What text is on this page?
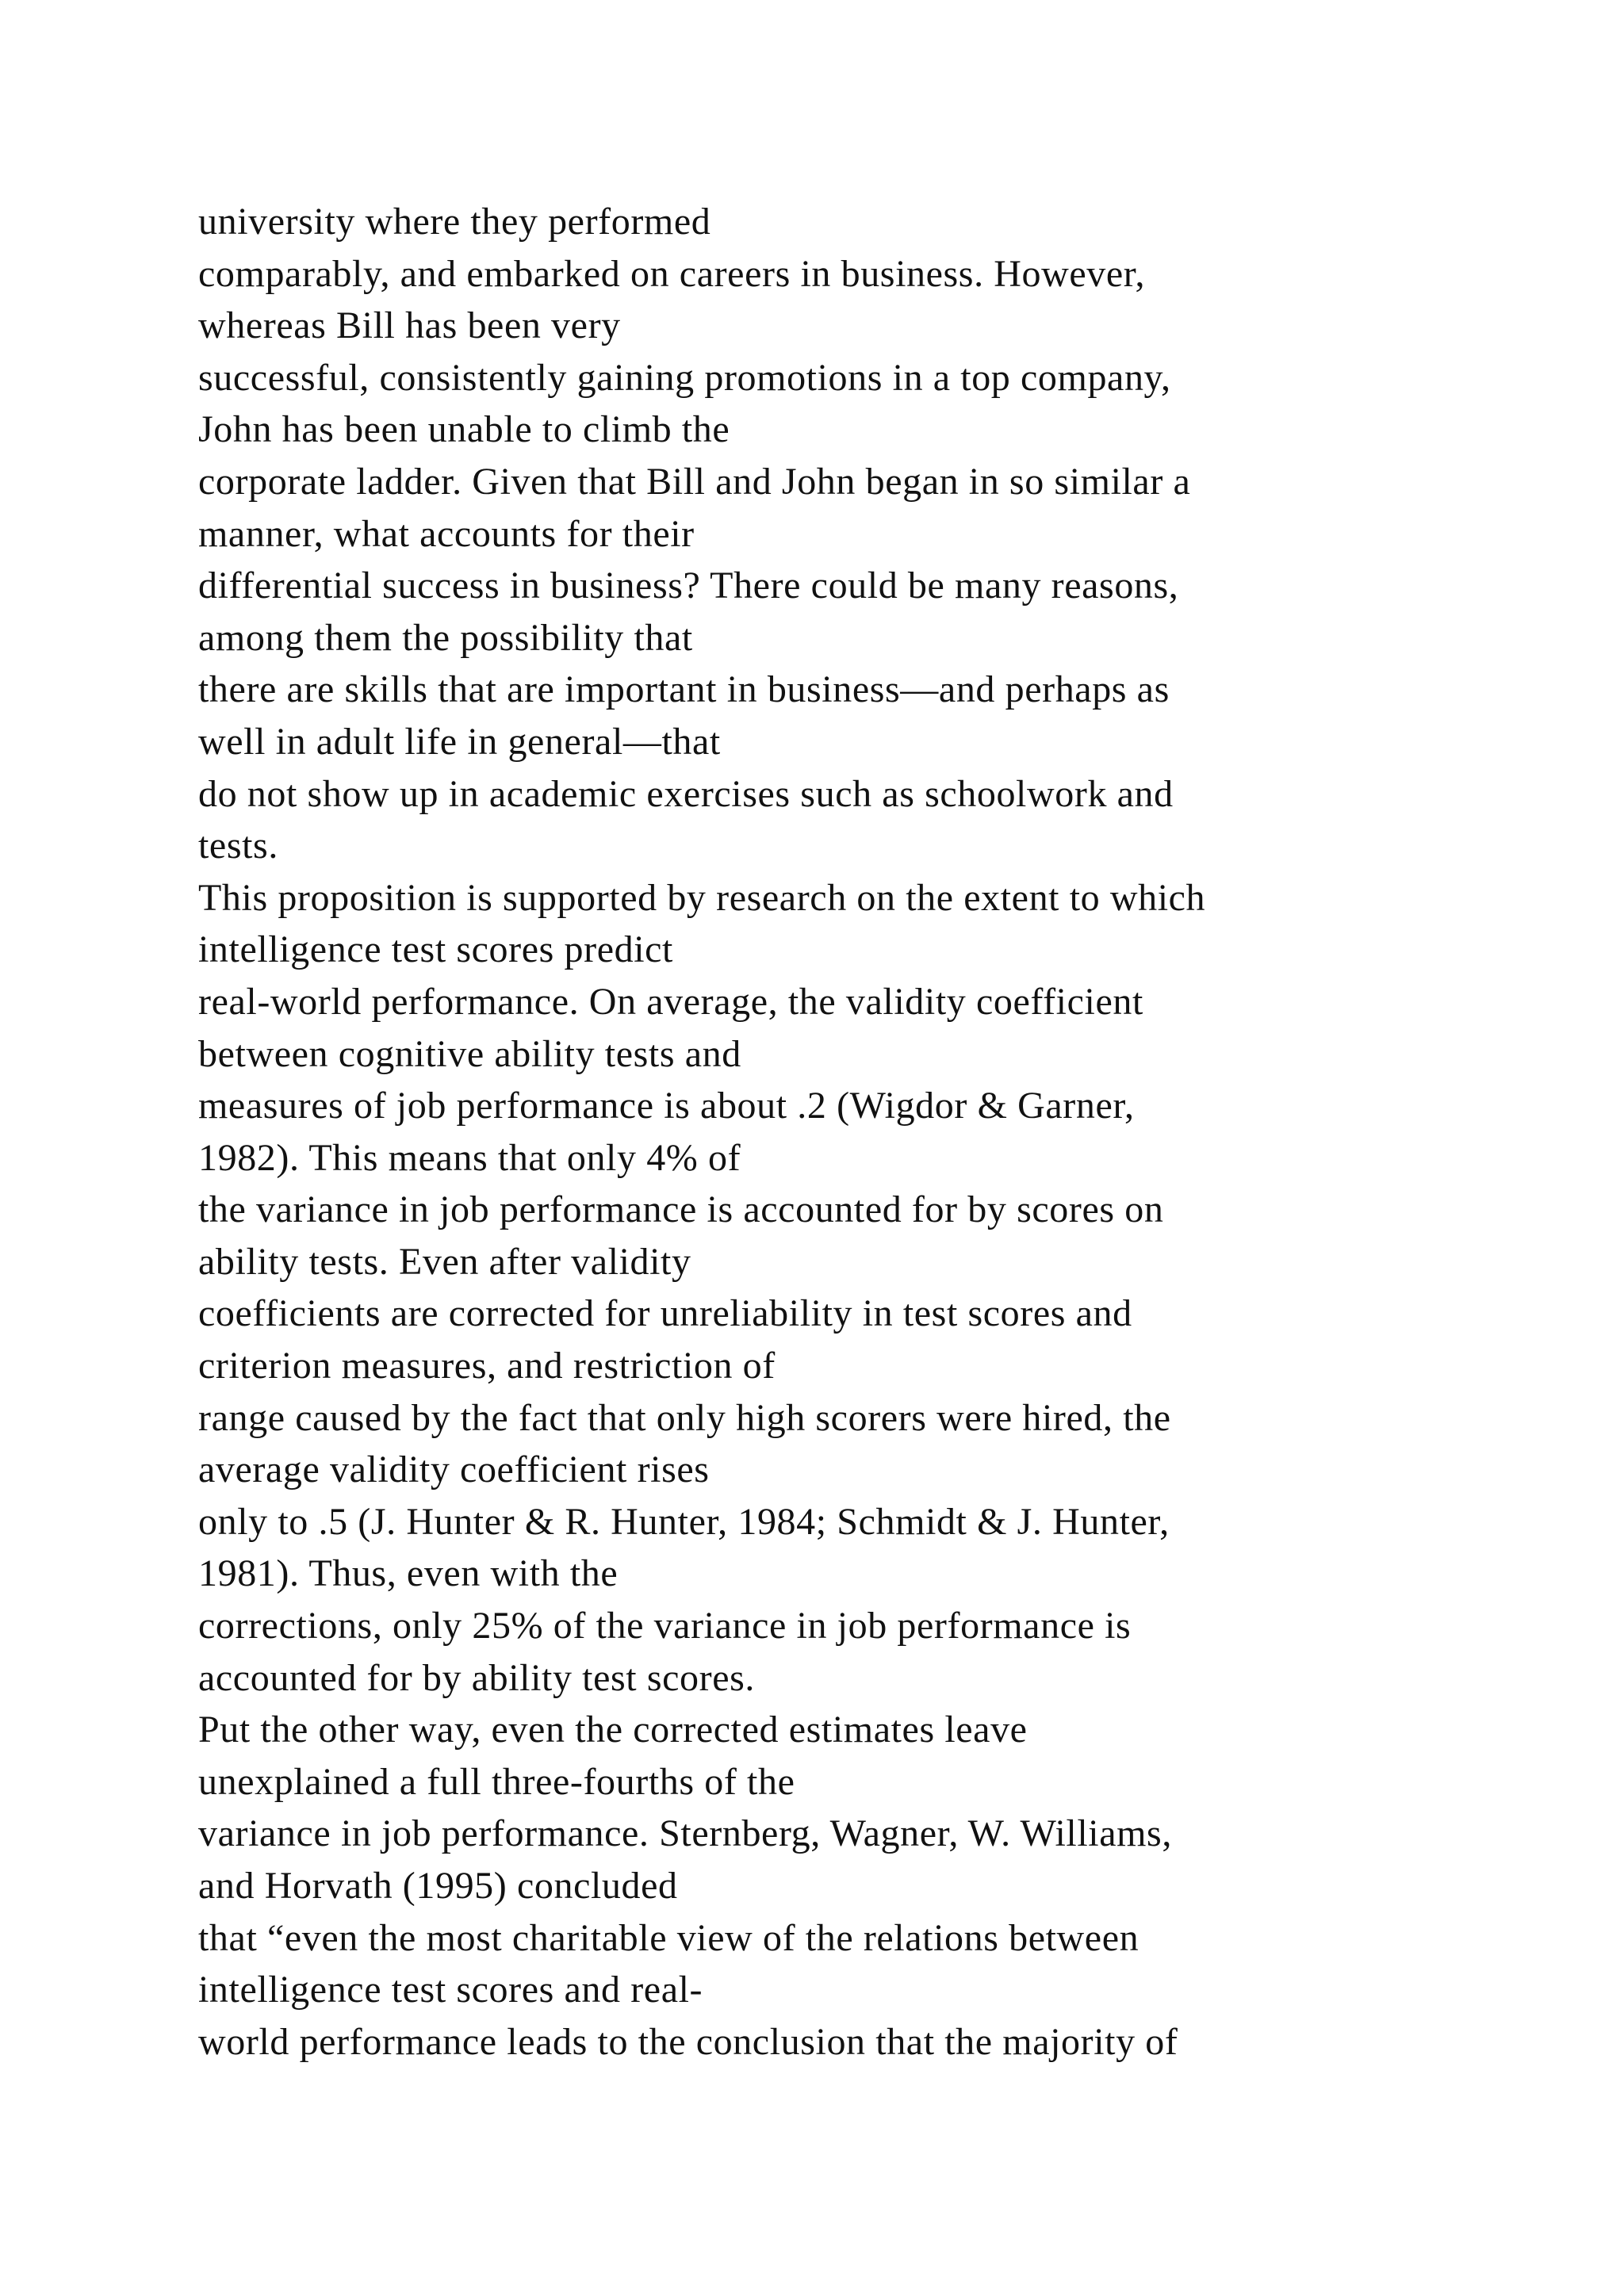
university where they performed
comparably, and embarked on careers in business. However,
whereas Bill has been very
successful, consistently gaining promotions in a top company,
John has been unable to climb the
corporate ladder. Given that Bill and John began in so similar a
manner, what accounts for their
differential success in business? There could be many reasons,
among them the possibility that
there are skills that are important in business—and perhaps as
well in adult life in general—that
do not show up in academic exercises such as schoolwork and
tests.
This proposition is supported by research on the extent to which
intelligence test scores predict
real-world performance. On average, the validity coefficient
between cognitive ability tests and
measures of job performance is about .2 (Wigdor & Garner,
1982). This means that only 4% of
the variance in job performance is accounted for by scores on
ability tests. Even after validity
coefficients are corrected for unreliability in test scores and
criterion measures, and restriction of
range caused by the fact that only high scorers were hired, the
average validity coefficient rises
only to .5 (J. Hunter & R. Hunter, 1984; Schmidt & J. Hunter,
1981). Thus, even with the
corrections, only 25% of the variance in job performance is
accounted for by ability test scores.
Put the other way, even the corrected estimates leave
unexplained a full three-fourths of the
variance in job performance. Sternberg, Wagner, W. Williams,
and Horvath (1995) concluded
that “even the most charitable view of the relations between
intelligence test scores and real-
world performance leads to the conclusion that the majority of
